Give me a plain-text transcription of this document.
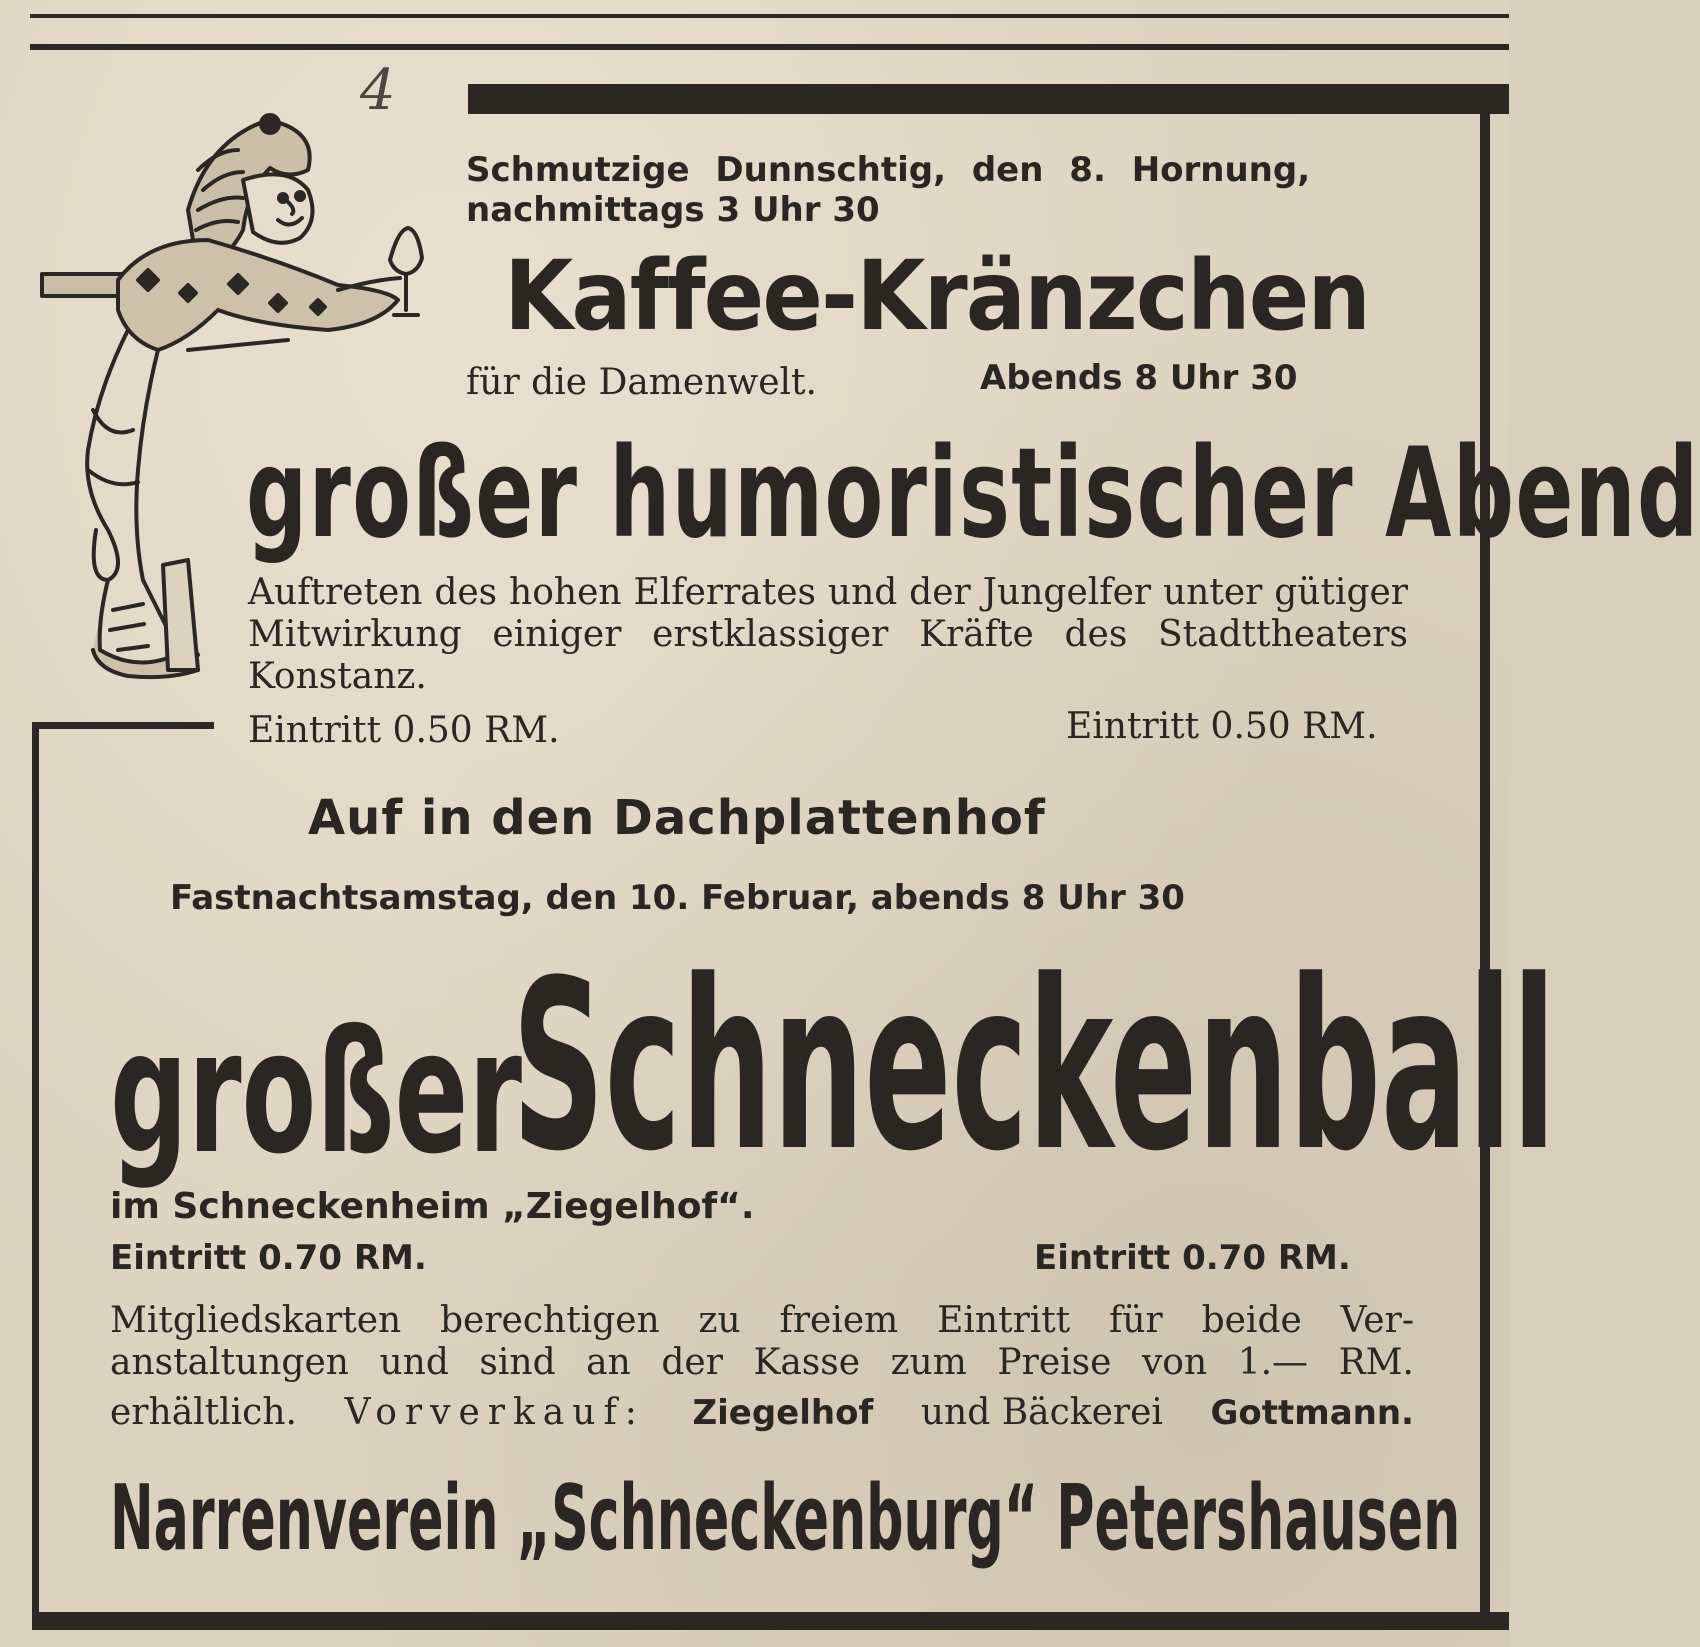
4
Schmutzige Dunnschtig, den 8. Hornung,
nachmittags 3 Uhr 30
Kaffee-Kränzchen
für die Damenwelt.	Abends 8 Uhr 30
großer humoristischer Abend
Auftreten des hohen Elferrates und der Jungelfer unter gütiger Mitwirkung einiger erstklassiger Kräfte des Stadttheaters Konstanz.
Eintritt 0.50 RM.	Eintritt 0.50 RM.
Auf in den Dachplattenhof
Fastnachtsamstag, den 10. Februar, abends 8 Uhr 30
großer
Schneckenball
im Schneckenheim „Ziegelhof“.
Eintritt 0.70 RM.	Eintritt 0.70 RM.
Mitgliedskarten berechtigen zu freiem Eintritt für beide Ver-
anstaltungen und sind an der Kasse zum Preise von 1.— RM.
erhältlich. Vorverkauf: Ziegelhof und Bäckerei Gottmann.
Narrenverein „Schneckenburg“ Petershausen
